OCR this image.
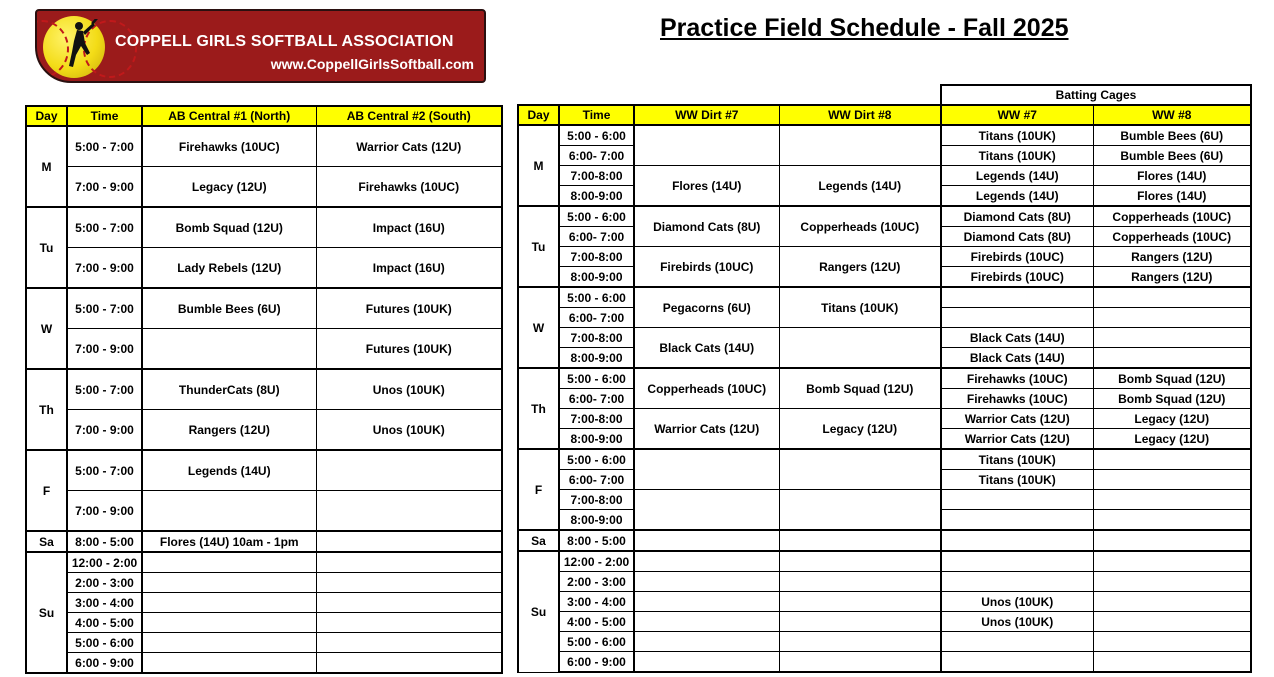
COPPELL GIRLS SOFTBALL ASSOCIATION
www.CoppellGirlsSoftball.com
Practice Field Schedule - Fall 2025
Day	Time	AB Central #1 (North)	AB Central #2 (South)
M	5:00 - 7:00	Firehawks (10UC)	Warrior Cats (12U)
	7:00 - 9:00	Legacy (12U)	Firehawks (10UC)
Tu	5:00 - 7:00	Bomb Squad (12U)	Impact (16U)
	7:00 - 9:00	Lady Rebels (12U)	Impact (16U)
W	5:00 - 7:00	Bumble Bees (6U)	Futures (10UK)
	7:00 - 9:00		Futures (10UK)
Th	5:00 - 7:00	ThunderCats (8U)	Unos (10UK)
	7:00 - 9:00	Rangers (12U)	Unos (10UK)
F	5:00 - 7:00	Legends (14U)	
	7:00 - 9:00		
Sa	8:00 - 5:00	Flores (14U) 10am - 1pm	
Su	12:00 - 2:00		
	2:00 - 3:00		
	3:00 - 4:00		
	4:00 - 5:00		
	5:00 - 6:00		
	6:00 - 9:00		
				Batting Cages	
Day	Time	WW Dirt #7	WW Dirt #8	WW #7	WW #8
M	5:00 - 6:00			Titans (10UK)	Bumble Bees (6U)
	6:00- 7:00			Titans (10UK)	Bumble Bees (6U)
	7:00-8:00	Flores (14U)	Legends (14U)	Legends (14U)	Flores (14U)
	8:00-9:00			Legends (14U)	Flores (14U)
Tu	5:00 - 6:00	Diamond Cats (8U)	Copperheads (10UC)	Diamond Cats (8U)	Copperheads (10UC)
	6:00- 7:00			Diamond Cats (8U)	Copperheads (10UC)
	7:00-8:00	Firebirds (10UC)	Rangers (12U)	Firebirds (10UC)	Rangers (12U)
	8:00-9:00			Firebirds (10UC)	Rangers (12U)
W	5:00 - 6:00	Pegacorns (6U)	Titans (10UK)		
	6:00- 7:00				
	7:00-8:00	Black Cats (14U)		Black Cats (14U)	
	8:00-9:00			Black Cats (14U)	
Th	5:00 - 6:00	Copperheads (10UC)	Bomb Squad (12U)	Firehawks (10UC)	Bomb Squad (12U)
	6:00- 7:00			Firehawks (10UC)	Bomb Squad (12U)
	7:00-8:00	Warrior Cats (12U)	Legacy (12U)	Warrior Cats (12U)	Legacy (12U)
	8:00-9:00			Warrior Cats (12U)	Legacy (12U)
F	5:00 - 6:00			Titans (10UK)	
	6:00- 7:00			Titans (10UK)	
	7:00-8:00				
	8:00-9:00				
Sa	8:00 - 5:00				
Su	12:00 - 2:00				
	2:00 - 3:00				
	3:00 - 4:00			Unos (10UK)	
	4:00 - 5:00			Unos (10UK)	
	5:00 - 6:00				
	6:00 - 9:00				
